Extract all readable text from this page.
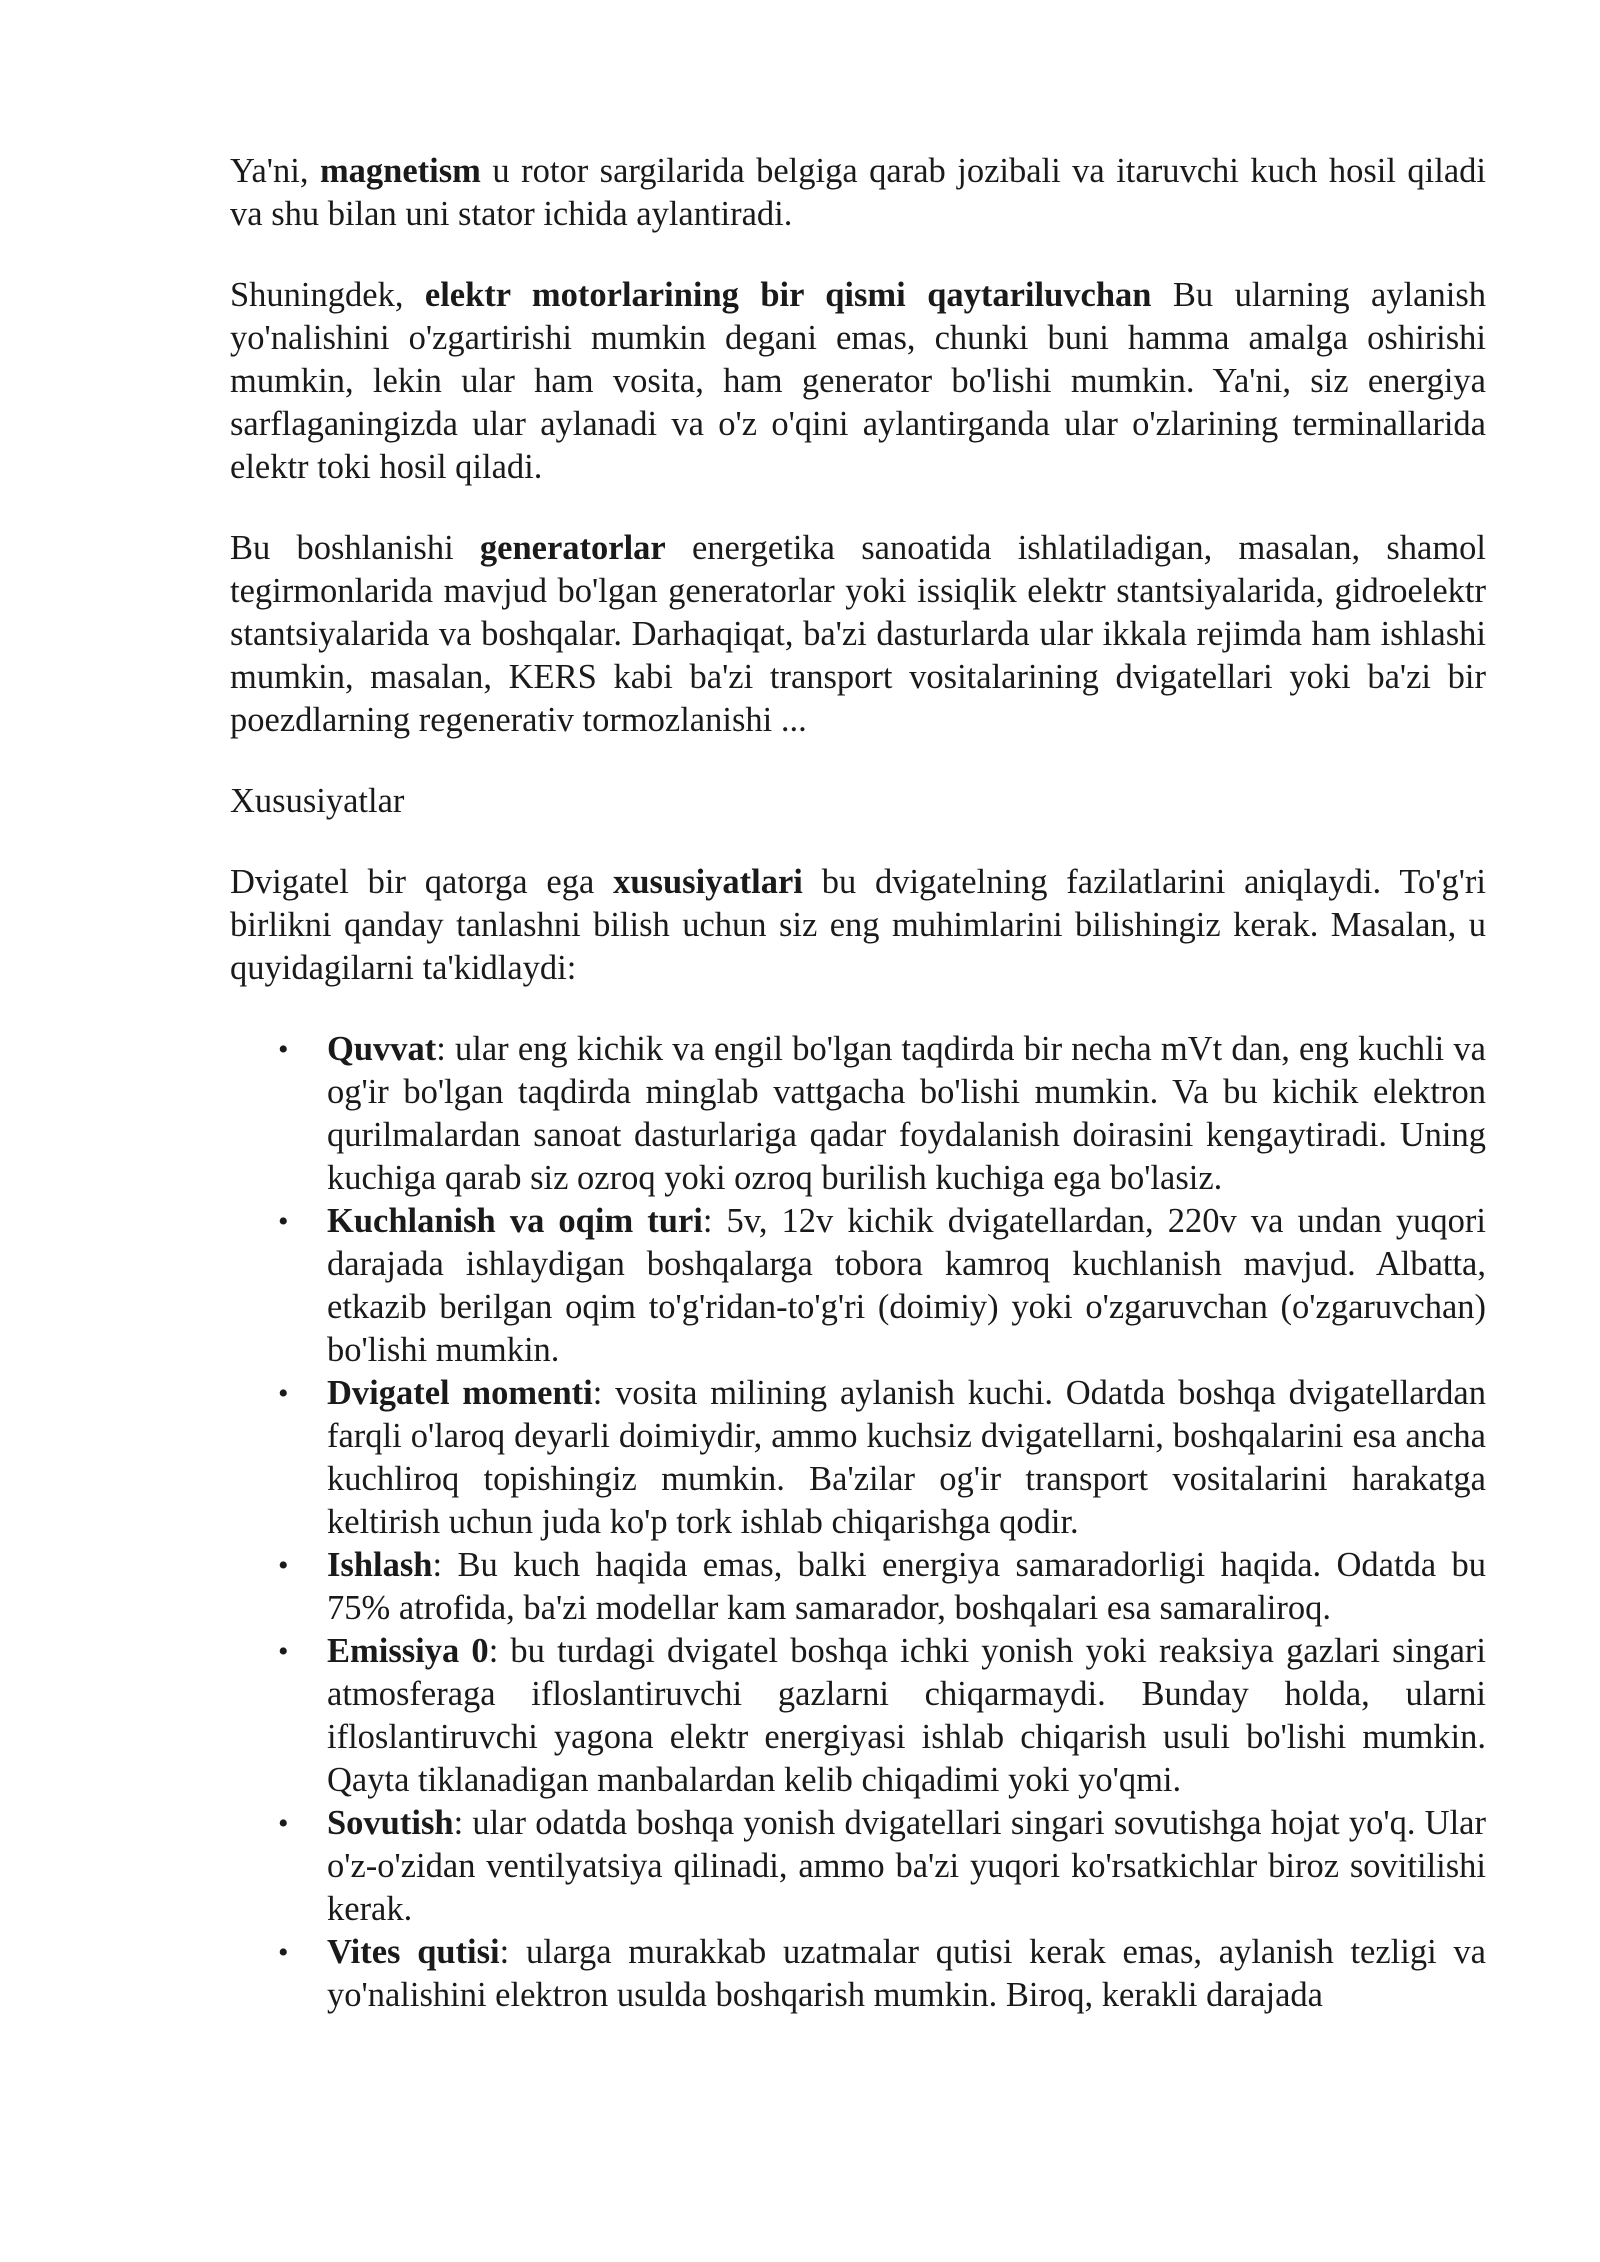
Ya'ni, magnetism u rotor sargilarida belgiga qarab jozibali va itaruvchi kuch hosil qiladi va shu bilan uni stator ichida aylantiradi.

Shuningdek, elektr motorlarining bir qismi qaytariluvchan Bu ularning aylanish yo'nalishini o'zgartirishi mumkin degani emas, chunki buni hamma amalga oshirishi mumkin, lekin ular ham vosita, ham generator bo'lishi mumkin. Ya'ni, siz energiya sarflaganingizda ular aylanadi va o'z o'qini aylantirganda ular o'zlarining terminallarida elektr toki hosil qiladi.

Bu boshlanishi generatorlar energetika sanoatida ishlatiladigan, masalan, shamol tegirmonlarida mavjud bo'lgan generatorlar yoki issiqlik elektr stantsiyalarida, gidroelektr stantsiyalarida va boshqalar. Darhaqiqat, ba'zi dasturlarda ular ikkala rejimda ham ishlashi mumkin, masalan, KERS kabi ba'zi transport vositalarining dvigatellari yoki ba'zi bir poezdlarning regenerativ tormozlanishi ...

Xususiyatlar

Dvigatel bir qatorga ega xususiyatlari bu dvigatelning fazilatlarini aniqlaydi. To'g'ri birlikni qanday tanlashni bilish uchun siz eng muhimlarini bilishingiz kerak. Masalan, u quyidagilarni ta'kidlaydi:

• Quvvat: ular eng kichik va engil bo'lgan taqdirda bir necha mVt dan, eng kuchli va og'ir bo'lgan taqdirda minglab vattgacha bo'lishi mumkin. Va bu kichik elektron qurilmalardan sanoat dasturlariga qadar foydalanish doirasini kengaytiradi. Uning kuchiga qarab siz ozroq yoki ozroq burilish kuchiga ega bo'lasiz.
• Kuchlanish va oqim turi: 5v, 12v kichik dvigatellardan, 220v va undan yuqori darajada ishlaydigan boshqalarga tobora kamroq kuchlanish mavjud. Albatta, etkazib berilgan oqim to'g'ridan-to'g'ri (doimiy) yoki o'zgaruvchan (o'zgaruvchan) bo'lishi mumkin.
• Dvigatel momenti: vosita milining aylanish kuchi. Odatda boshqa dvigatellardan farqli o'laroq deyarli doimiydir, ammo kuchsiz dvigatellarni, boshqalarini esa ancha kuchliroq topishingiz mumkin. Ba'zilar og'ir transport vositalarini harakatga keltirish uchun juda ko'p tork ishlab chiqarishga qodir.
• Ishlash: Bu kuch haqida emas, balki energiya samaradorligi haqida. Odatda bu 75% atrofida, ba'zi modellar kam samarador, boshqalari esa samaraliroq.
• Emissiya 0: bu turdagi dvigatel boshqa ichki yonish yoki reaksiya gazlari singari atmosferaga ifloslantiruvchi gazlarni chiqarmaydi. Bunday holda, ularni ifloslantiruvchi yagona elektr energiyasi ishlab chiqarish usuli bo'lishi mumkin. Qayta tiklanadigan manbalardan kelib chiqadimi yoki yo'qmi.
• Sovutish: ular odatda boshqa yonish dvigatellari singari sovutishga hojat yo'q. Ular o'z-o'zidan ventilyatsiya qilinadi, ammo ba'zi yuqori ko'rsatkichlar biroz sovitilishi kerak.
• Vites qutisi: ularga murakkab uzatmalar qutisi kerak emas, aylanish tezligi va yo'nalishini elektron usulda boshqarish mumkin. Biroq, kerakli darajada
